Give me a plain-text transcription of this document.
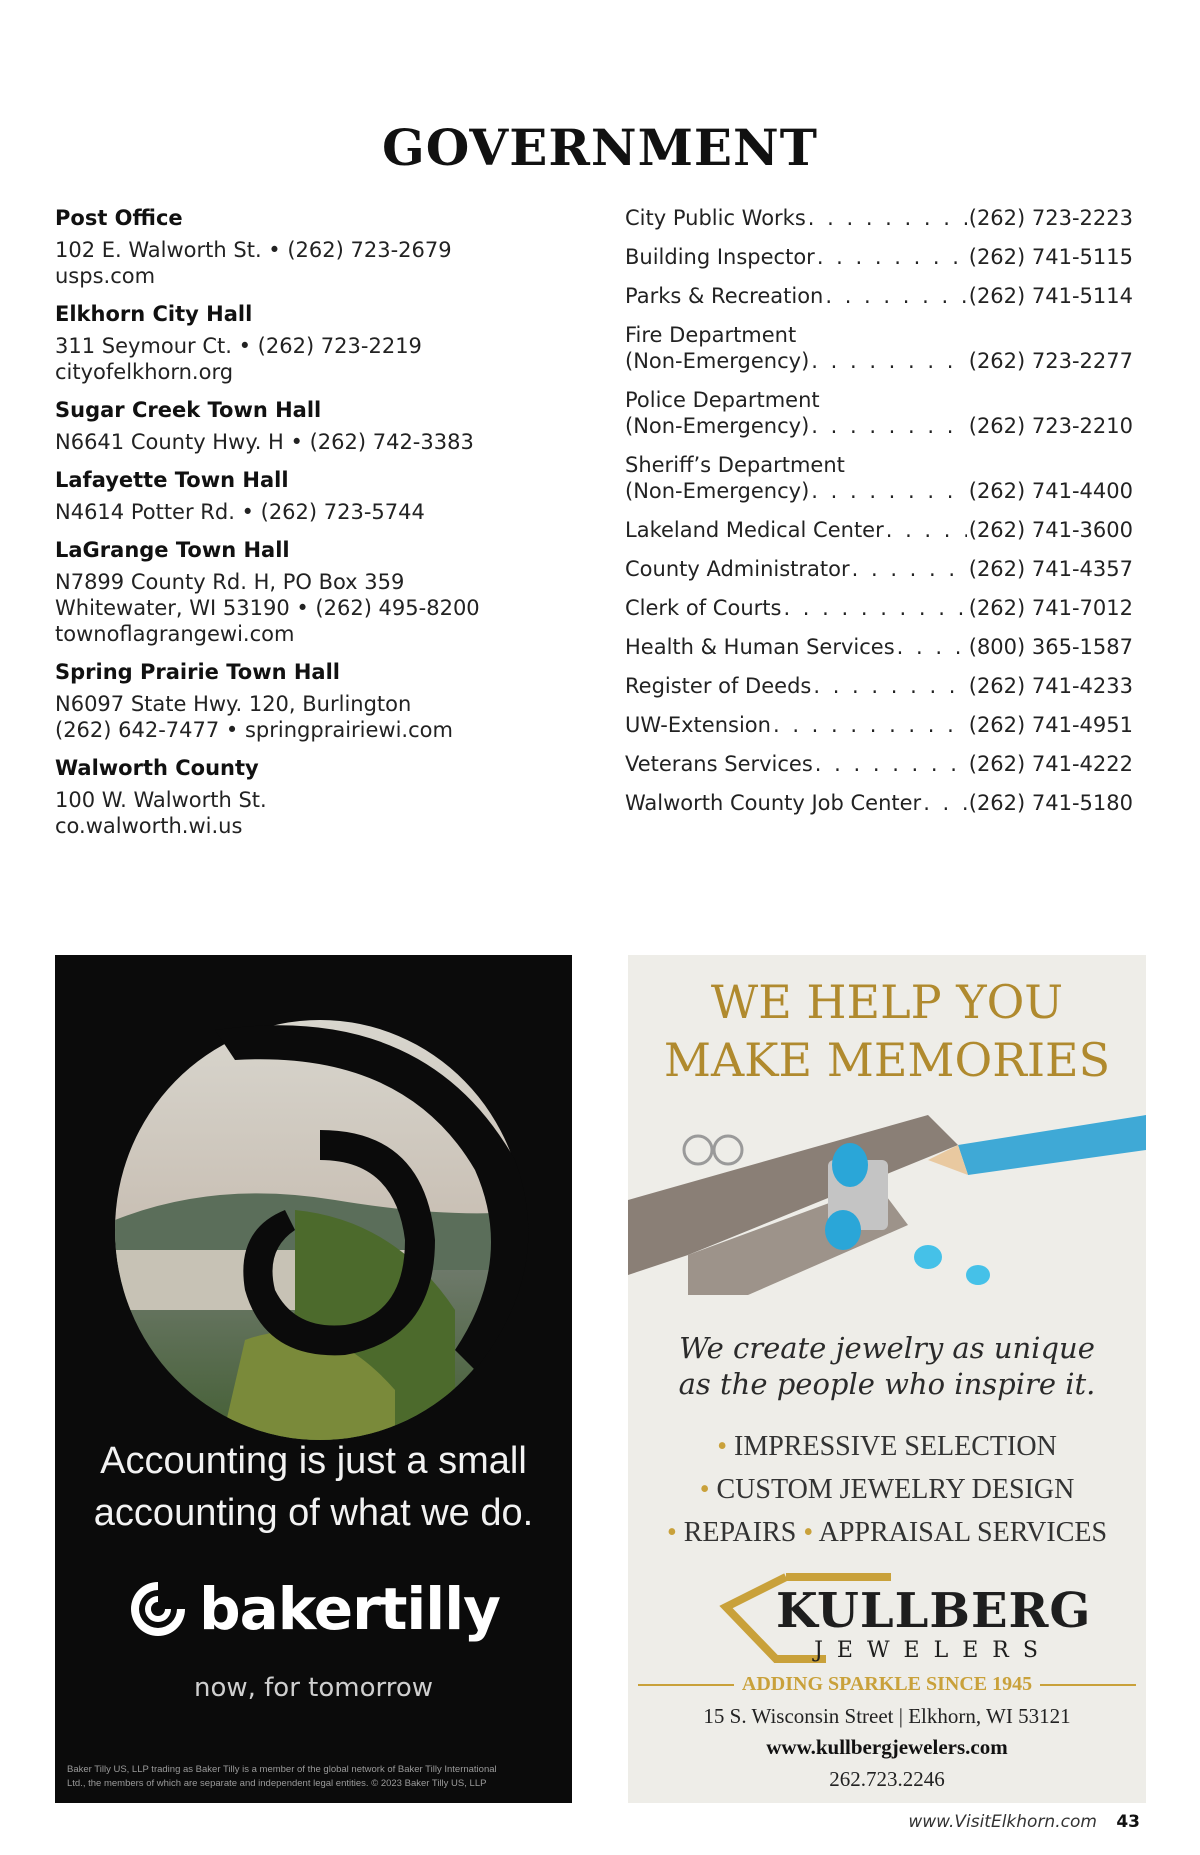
GOVERNMENT
Post Office
102 E. Walworth St. • (262) 723-2679
usps.com
Elkhorn City Hall
311 Seymour Ct. • (262) 723-2219
cityofelkhorn.org
Sugar Creek Town Hall
N6641 County Hwy. H • (262) 742-3383
Lafayette Town Hall
N4614 Potter Rd. • (262) 723-5744
LaGrange Town Hall
N7899 County Rd. H, PO Box 359
Whitewater, WI 53190 • (262) 495-8200
townoflagrangewi.com
Spring Prairie Town Hall
N6097 State Hwy. 120, Burlington
(262) 642-7477 • springprairiewi.com
Walworth County
100 W. Walworth St.
co.walworth.wi.us
City Public Works . . .	(262) 723-2223
Building Inspector . . .	(262) 741-5115
Parks & Recreation . . .	(262) 741-5114
Fire Department
(Non-Emergency) . . .	(262) 723-2277
Police Department
(Non-Emergency) . . .	(262) 723-2210
Sheriff’s Department
(Non-Emergency) . . .	(262) 741-4400
Lakeland Medical Center . . .	(262) 741-3600
County Administrator . . .	(262) 741-4357
Clerk of Courts . . .	(262) 741-7012
Health & Human Services . . .	(800) 365-1587
Register of Deeds . . .	(262) 741-4233
UW-Extension . . .	(262) 741-4951
Veterans Services . . .	(262) 741-4222
Walworth County Job Center . . . (262) 741-5180
Accounting is just a small
accounting of what we do.
bakertilly
now, for tomorrow
Baker Tilly US, LLP trading as Baker Tilly is a member of the global network of Baker Tilly International
Ltd., the members of which are separate and independent legal entities. © 2023 Baker Tilly US, LLP
WE HELP YOU
MAKE MEMORIES
We create jewelry as unique
as the people who inspire it.
• IMPRESSIVE SELECTION
• CUSTOM JEWELRY DESIGN
• REPAIRS • APPRAISAL SERVICES
KULLBERG
JEWELERS
ADDING SPARKLE SINCE 1945
15 S. Wisconsin Street | Elkhorn, WI 53121
www.kullbergjewelers.com
262.723.2246
www.VisitElkhorn.com 43
